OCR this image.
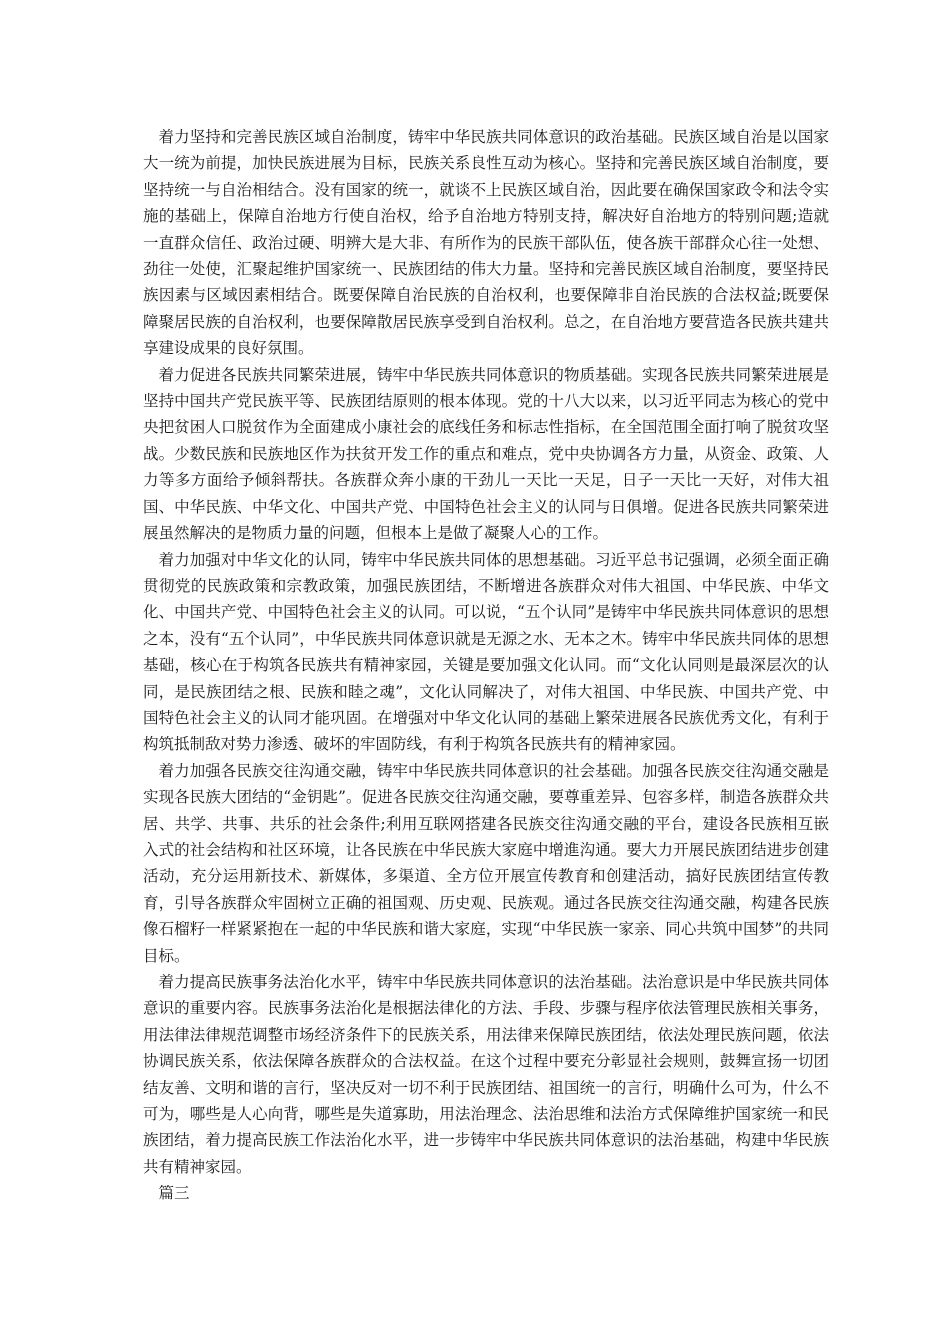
着力坚持和完善民族区域自治制度，铸牢中华民族共同体意识的政治基础。民族区域自治是以国家大一统为前提，加快民族进展为目标，民族关系良性互动为核心。坚持和完善民族区域自治制度，要坚持统一与自治相结合。没有国家的统一，就谈不上民族区域自治，因此要在确保国家政令和法令实施的基础上，保障自治地方行使自治权，给予自治地方特别支持，解决好自治地方的特别问题;造就一直群众信任、政治过硬、明辨大是大非、有所作为的民族干部队伍，使各族干部群众心往一处想、劲往一处使，汇聚起维护国家统一、民族团结的伟大力量。坚持和完善民族区域自治制度，要坚持民族因素与区域因素相结合。既要保障自治民族的自治权利，也要保障非自治民族的合法权益;既要保障聚居民族的自治权利，也要保障散居民族享受到自治权利。总之，在自治地方要营造各民族共建共享建设成果的良好氛围。

着力促进各民族共同繁荣进展，铸牢中华民族共同体意识的物质基础。实现各民族共同繁荣进展是坚持中国共产党民族平等、民族团结原则的根本体现。党的十八大以来，以习近平同志为核心的党中央把贫困人口脱贫作为全面建成小康社会的底线任务和标志性指标，在全国范围全面打响了脱贫攻坚战。少数民族和民族地区作为扶贫开发工作的重点和难点，党中央协调各方力量，从资金、政策、人力等多方面给予倾斜帮扶。各族群众奔小康的干劲儿一天比一天足，日子一天比一天好，对伟大祖国、中华民族、中华文化、中国共产党、中国特色社会主义的认同与日俱增。促进各民族共同繁荣进展虽然解决的是物质力量的问题，但根本上是做了凝聚人心的工作。

着力加强对中华文化的认同，铸牢中华民族共同体的思想基础。习近平总书记强调，必须全面正确贯彻党的民族政策和宗教政策，加强民族团结，不断增进各族群众对伟大祖国、中华民族、中华文化、中国共产党、中国特色社会主义的认同。可以说，“五个认同”是铸牢中华民族共同体意识的思想之本，没有“五个认同”，中华民族共同体意识就是无源之水、无本之木。铸牢中华民族共同体的思想基础，核心在于构筑各民族共有精神家园，关键是要加强文化认同。而“文化认同则是最深层次的认同，是民族团结之根、民族和睦之魂”，文化认同解决了，对伟大祖国、中华民族、中国共产党、中国特色社会主义的认同才能巩固。在增强对中华文化认同的基础上繁荣进展各民族优秀文化，有利于构筑抵制敌对势力渗透、破坏的牢固防线，有利于构筑各民族共有的精神家园。

着力加强各民族交往沟通交融，铸牢中华民族共同体意识的社会基础。加强各民族交往沟通交融是实现各民族大团结的“金钥匙”。促进各民族交往沟通交融，要尊重差异、包容多样，制造各族群众共居、共学、共事、共乐的社会条件;利用互联网搭建各民族交往沟通交融的平台，建设各民族相互嵌入式的社会结构和社区环境，让各民族在中华民族大家庭中增進沟通。要大力开展民族团结进步创建活动，充分运用新技术、新媒体，多渠道、全方位开展宣传教育和创建活动，搞好民族团结宣传教育，引导各族群众牢固树立正确的祖国观、历史观、民族观。通过各民族交往沟通交融，构建各民族像石榴籽一样紧紧抱在一起的中华民族和谐大家庭，实现“中华民族一家亲、同心共筑中国梦”的共同目标。

着力提高民族事务法治化水平，铸牢中华民族共同体意识的法治基础。法治意识是中华民族共同体意识的重要内容。民族事务法治化是根据法律化的方法、手段、步骤与程序依法管理民族相关事务，用法律法律规范调整市场经济条件下的民族关系，用法律来保障民族团结，依法处理民族问题，依法协调民族关系，依法保障各族群众的合法权益。在这个过程中要充分彰显社会规则，鼓舞宣扬一切团结友善、文明和谐的言行，坚决反对一切不利于民族团结、祖国统一的言行，明确什么可为，什么不可为，哪些是人心向背，哪些是失道寡助，用法治理念、法治思维和法治方式保障维护国家统一和民族团结，着力提高民族工作法治化水平，进一步铸牢中华民族共同体意识的法治基础，构建中华民族共有精神家园。

篇三
